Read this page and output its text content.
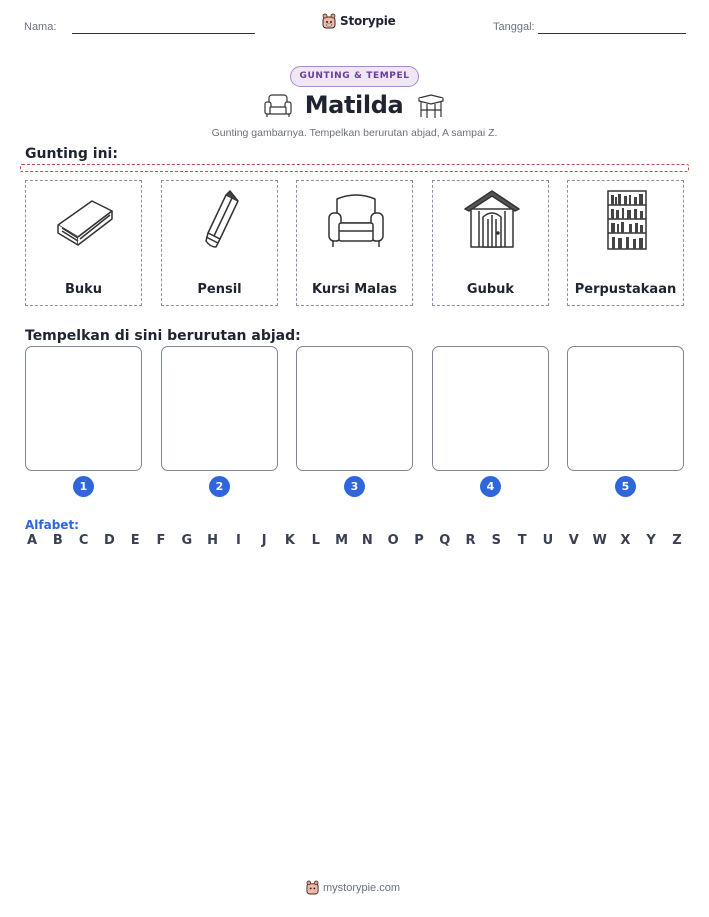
Nama:	Storypie	Tanggal:
GUNTING & TEMPEL
Matilda
Gunting gambarnya. Tempelkan berurutan abjad, A sampai Z.
Gunting ini:
Buku	Pensil	Kursi Malas	Gubuk	Perpustakaan
Tempelkan di sini berurutan abjad:
1	2	3	4	5
Alfabet:
A B C D E F G H	I	J	K L M N O P Q R S T U V W X Y Z
mystorypie.com
